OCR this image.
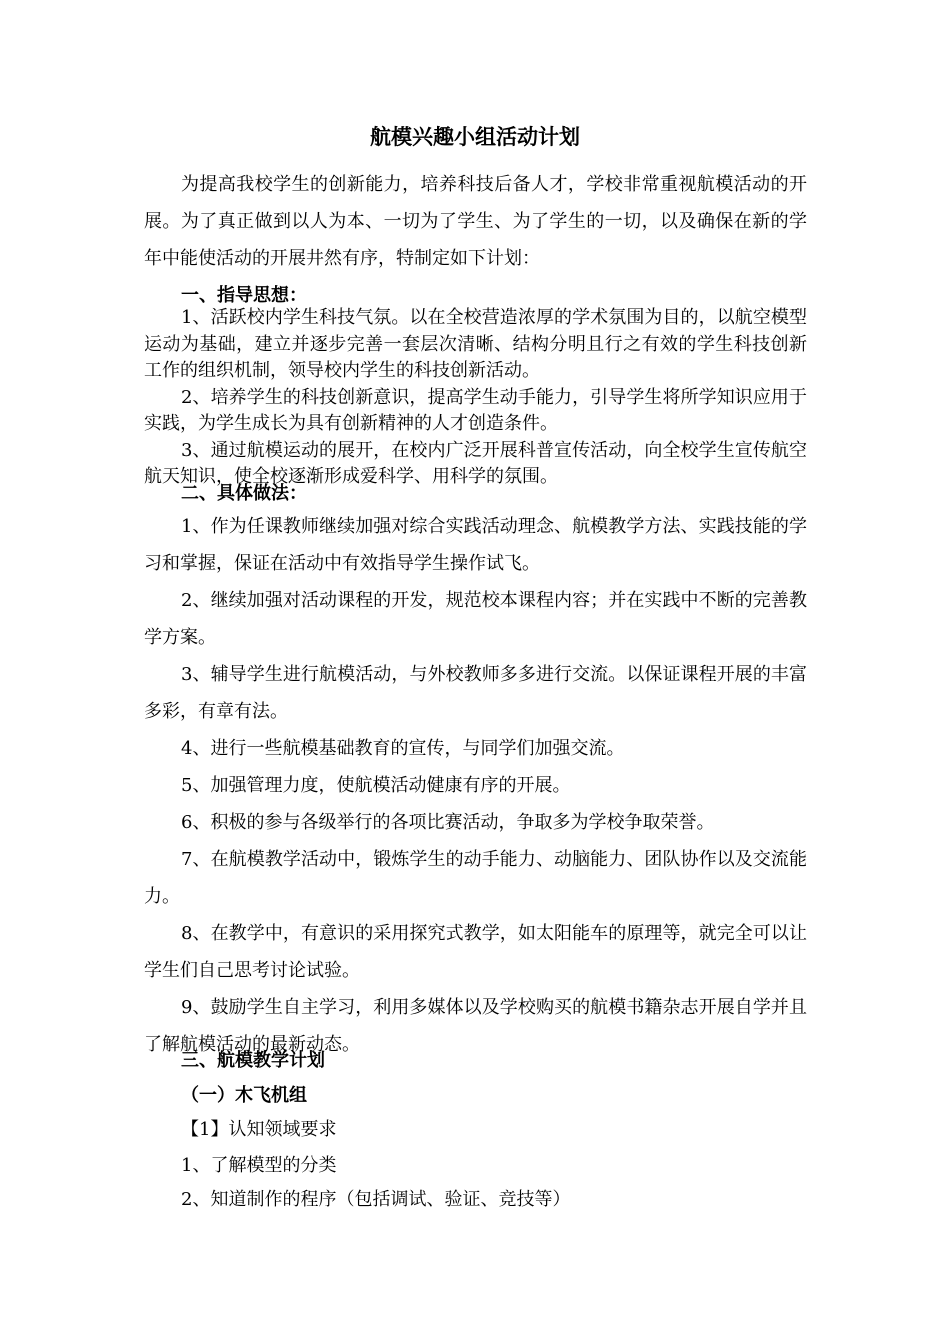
航模兴趣小组活动计划
为提高我校学生的创新能力，培养科技后备人才，学校非常重视航模活动的开展。为了真正做到以人为本、一切为了学生、为了学生的一切，以及确保在新的学年中能使活动的开展井然有序，特制定如下计划：
一、指导思想：

1、活跃校内学生科技气氛。以在全校营造浓厚的学术氛围为目的，以航空模型运动为基础，建立并逐步完善一套层次清晰、结构分明且行之有效的学生科技创新工作的组织机制，领导校内学生的科技创新活动。

2、培养学生的科技创新意识，提高学生动手能力，引导学生将所学知识应用于实践，为学生成长为具有创新精神的人才创造条件。

3、通过航模运动的展开，在校内广泛开展科普宣传活动，向全校学生宣传航空航天知识，使全校逐渐形成爱科学、用科学的氛围。

二、具体做法：

1、作为任课教师继续加强对综合实践活动理念、航模教学方法、实践技能的学习和掌握，保证在活动中有效指导学生操作试飞。

2、继续加强对活动课程的开发，规范校本课程内容；并在实践中不断的完善教学方案。

3、辅导学生进行航模活动，与外校教师多多进行交流。以保证课程开展的丰富多彩，有章有法。

4、进行一些航模基础教育的宣传，与同学们加强交流。

5、加强管理力度，使航模活动健康有序的开展。

6、积极的参与各级举行的各项比赛活动，争取多为学校争取荣誉。

7、在航模教学活动中，锻炼学生的动手能力、动脑能力、团队协作以及交流能力。

8、在教学中，有意识的采用探究式教学，如太阳能车的原理等，就完全可以让学生们自己思考讨论试验。

9、鼓励学生自主学习，利用多媒体以及学校购买的航模书籍杂志开展自学并且了解航模活动的最新动态。

三、航模教学计划
（一）木飞机组
【1】认知领域要求
1、了解模型的分类
2、知道制作的程序（包括调试、验证、竞技等）
